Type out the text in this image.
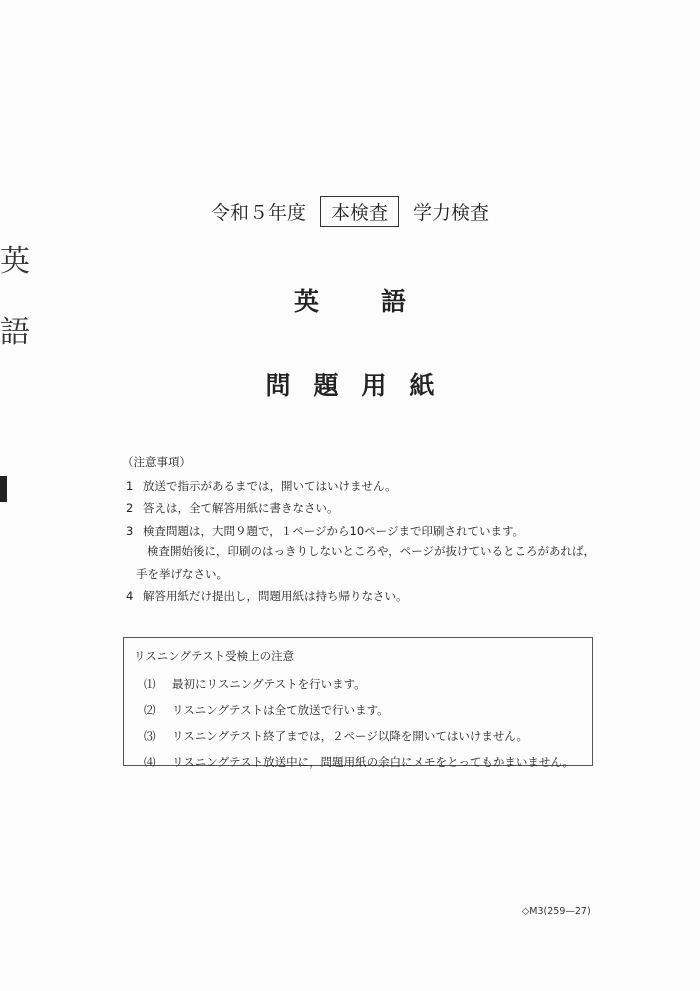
英
語
令和５年度 本検査 学力検査
英語
問題用紙
（注意事項）
1 放送で指示があるまでは，開いてはいけません。
2 答えは，全て解答用紙に書きなさい。
3 検査問題は，大問９題で，１ページから10ページまで印刷されています。
検査開始後に，印刷のはっきりしないところや，ページが抜けているところがあれば，
手を挙げなさい。
4 解答用紙だけ提出し，問題用紙は持ち帰りなさい。
リスニングテスト受検上の注意
⑴	最初にリスニングテストを行います。
⑵	リスニングテストは全て放送で行います。
⑶	リスニングテスト終了までは，２ページ以降を開いてはいけません。
⑷	リスニングテスト放送中に，問題用紙の余白にメモをとってもかまいません。
◇M3(259—27)
